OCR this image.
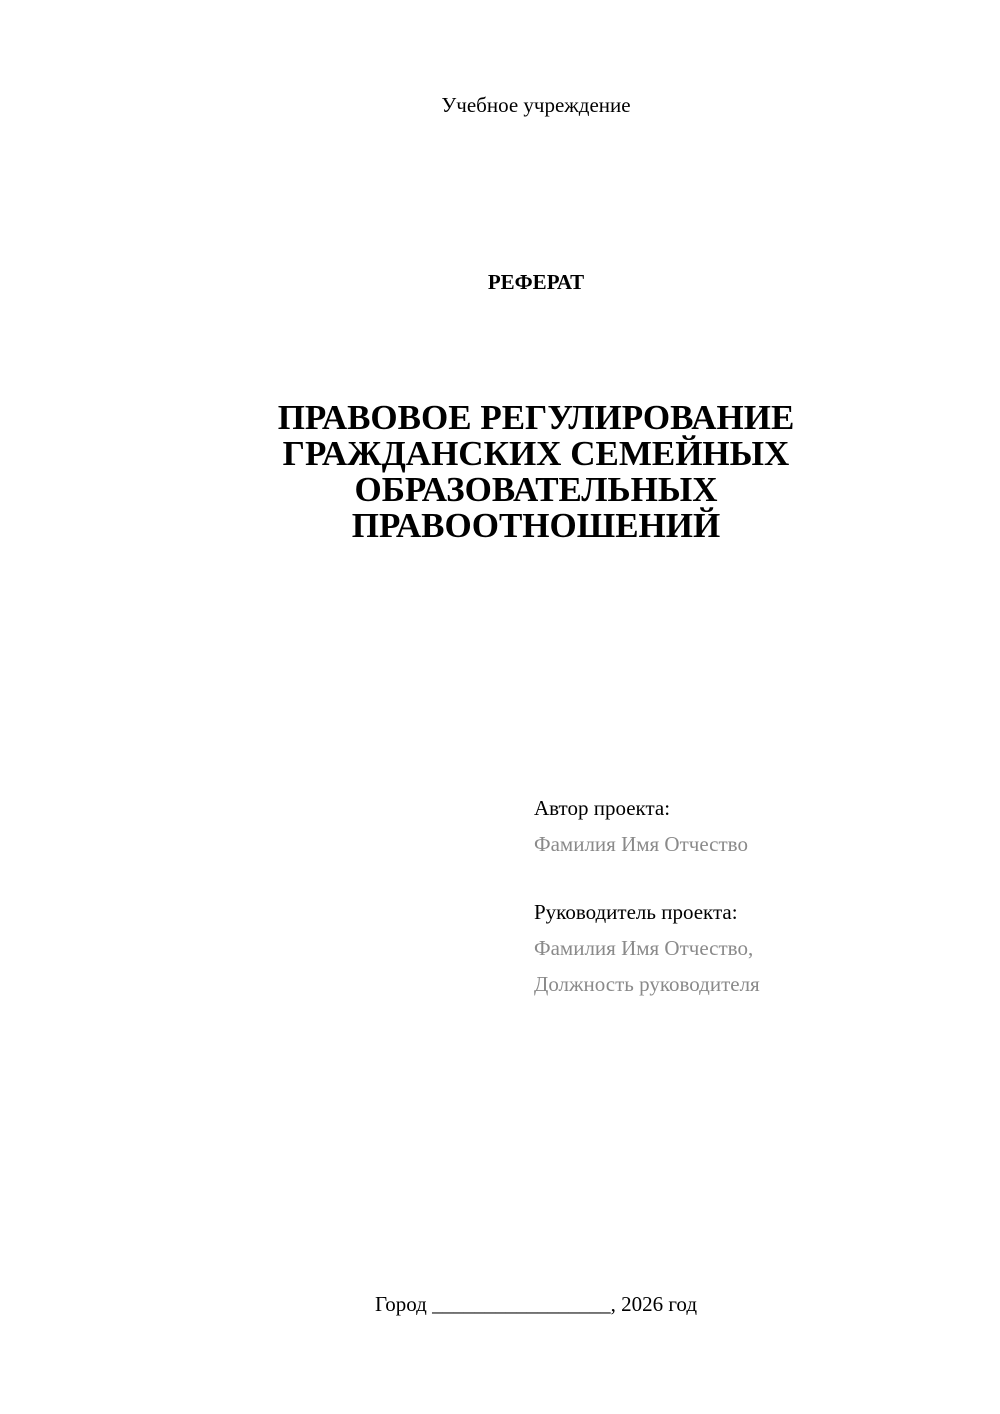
Учебное учреждение
РЕФЕРАТ
ПРАВОВОЕ РЕГУЛИРОВАНИЕ
ГРАЖДАНСКИХ СЕМЕЙНЫХ
ОБРАЗОВАТЕЛЬНЫХ
ПРАВООТНОШЕНИЙ
Автор проекта:
Фамилия Имя Отчество
Руководитель проекта:
Фамилия Имя Отчество,
Должность руководителя
Город _________________, 2026 год
